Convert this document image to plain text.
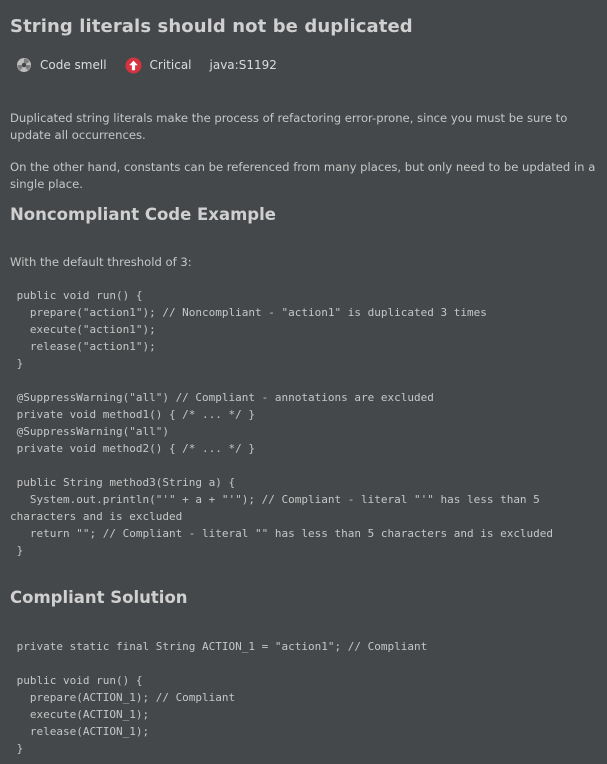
String literals should not be duplicated
Code smell	Critical java:S1192

Duplicated string literals make the process of refactoring error-prone, since you must be sure to update all occurrences.

On the other hand, constants can be referenced from many places, but only need to be updated in a single place.

Noncompliant Code Example

With the default threshold of 3:

public void run() {
prepare("action1"); // Noncompliant - "action1" is duplicated 3 times
execute("action1");
release("action1");
}
@SuppressWarning("all") // Compliant - annotations are excluded
private void method1() { /* ... */ }
@SuppressWarning("all")
private void method2() { /* ... */ }
public String method3(String a) {
System.out.println("'" + a + "'"); // Compliant - literal "'" has less than 5
characters and is excluded
return ""; // Compliant - literal "" has less than 5 characters and is excluded
}
Compliant Solution
private static final String ACTION_1 = "action1"; // Compliant
public void run() {
prepare(ACTION_1); // Compliant
execute(ACTION_1);
release(ACTION_1);
}
